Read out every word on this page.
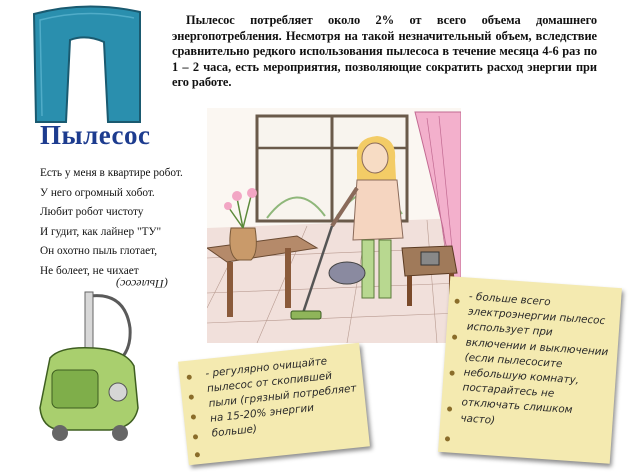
Пылесос потребляет около 2% от всего объема домашнего энергопотребления. Несмотря на такой незначительный объем, вследствие сравнительно редкого использования пылесоса в течение месяца 4-6 раз по 1 – 2 часа, есть мероприятия, позволяющие сократить расход энергии при его работе.
Пылесос
Есть у меня в квартире робот.
У него огромный хобот.
Любит робот чистоту
И гудит, как лайнер "ТУ"
Он охотно пыль глотает,
Не болеет, не чихает
(Пылесос)
- регулярно очищайте пылесос от скопившей пыли (грязный потребляет на 15-20% энергии больше)
- больше всего электроэнергии пылесос использует при включении и выключении (если пылесосите небольшую комнату, постарайтесь не отключать слишком часто)
